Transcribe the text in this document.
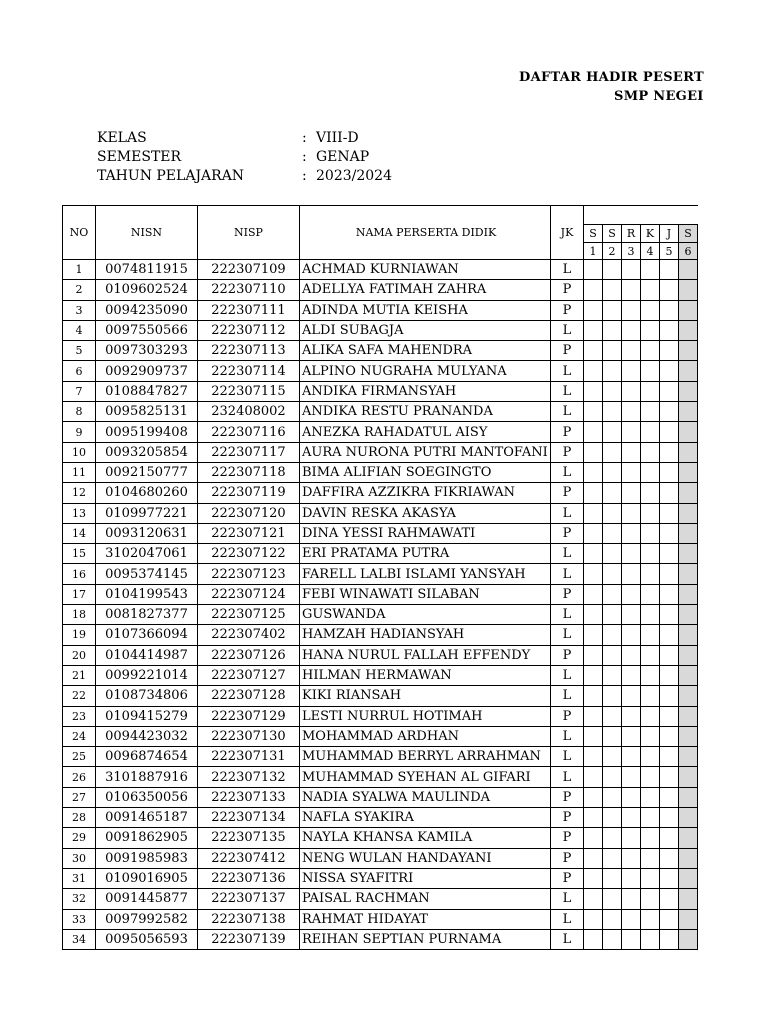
DAFTAR HADIR PESERT
SMP NEGEI
KELAS	: VIII-D
SEMESTER	: GENAP
TAHUN PELAJARAN	: 2023/2024
NO	NISN	NISP	NAMA PERSERTA DIDIK	JK						
					S	S	R	K	J	S
					1	2	3	4	5	6
1	0074811915	222307109	ACHMAD KURNIAWAN	L						
2	0109602524	222307110	ADELLYA FATIMAH ZAHRA	P						
3	0094235090	222307111	ADINDA MUTIA KEISHA	P						
4	0097550566	222307112	ALDI SUBAGJA	L						
5	0097303293	222307113	ALIKA SAFA MAHENDRA	P						
6	0092909737	222307114	ALPINO NUGRAHA MULYANA	L						
7	0108847827	222307115	ANDIKA FIRMANSYAH	L						
8	0095825131	232408002	ANDIKA RESTU PRANANDA	L						
9	0095199408	222307116	ANEZKA RAHADATUL AISY	P						
10	0093205854	222307117	AURA NURONA PUTRI MANTOFANI	P						
11	0092150777	222307118	BIMA ALIFIAN SOEGINGTO	L						
12	0104680260	222307119	DAFFIRA AZZIKRA FIKRIAWAN	P						
13	0109977221	222307120	DAVIN RESKA AKASYA	L						
14	0093120631	222307121	DINA YESSI RAHMAWATI	P						
15	3102047061	222307122	ERI PRATAMA PUTRA	L						
16	0095374145	222307123	FARELL LALBI ISLAMI YANSYAH	L						
17	0104199543	222307124	FEBI WINAWATI SILABAN	P						
18	0081827377	222307125	GUSWANDA	L						
19	0107366094	222307402	HAMZAH HADIANSYAH	L						
20	0104414987	222307126	HANA NURUL FALLAH EFFENDY	P						
21	0099221014	222307127	HILMAN HERMAWAN	L						
22	0108734806	222307128	KIKI RIANSAH	L						
23	0109415279	222307129	LESTI NURRUL HOTIMAH	P						
24	0094423032	222307130	MOHAMMAD ARDHAN	L						
25	0096874654	222307131	MUHAMMAD BERRYL ARRAHMAN	L						
26	3101887916	222307132	MUHAMMAD SYEHAN AL GIFARI	L						
27	0106350056	222307133	NADIA SYALWA MAULINDA	P						
28	0091465187	222307134	NAFLA SYAKIRA	P						
29	0091862905	222307135	NAYLA KHANSA KAMILA	P						
30	0091985983	222307412	NENG WULAN HANDAYANI	P						
31	0109016905	222307136	NISSA SYAFITRI	P						
32	0091445877	222307137	PAISAL RACHMAN	L						
33	0097992582	222307138	RAHMAT HIDAYAT	L						
34	0095056593	222307139	REIHAN SEPTIAN PURNAMA	L						
